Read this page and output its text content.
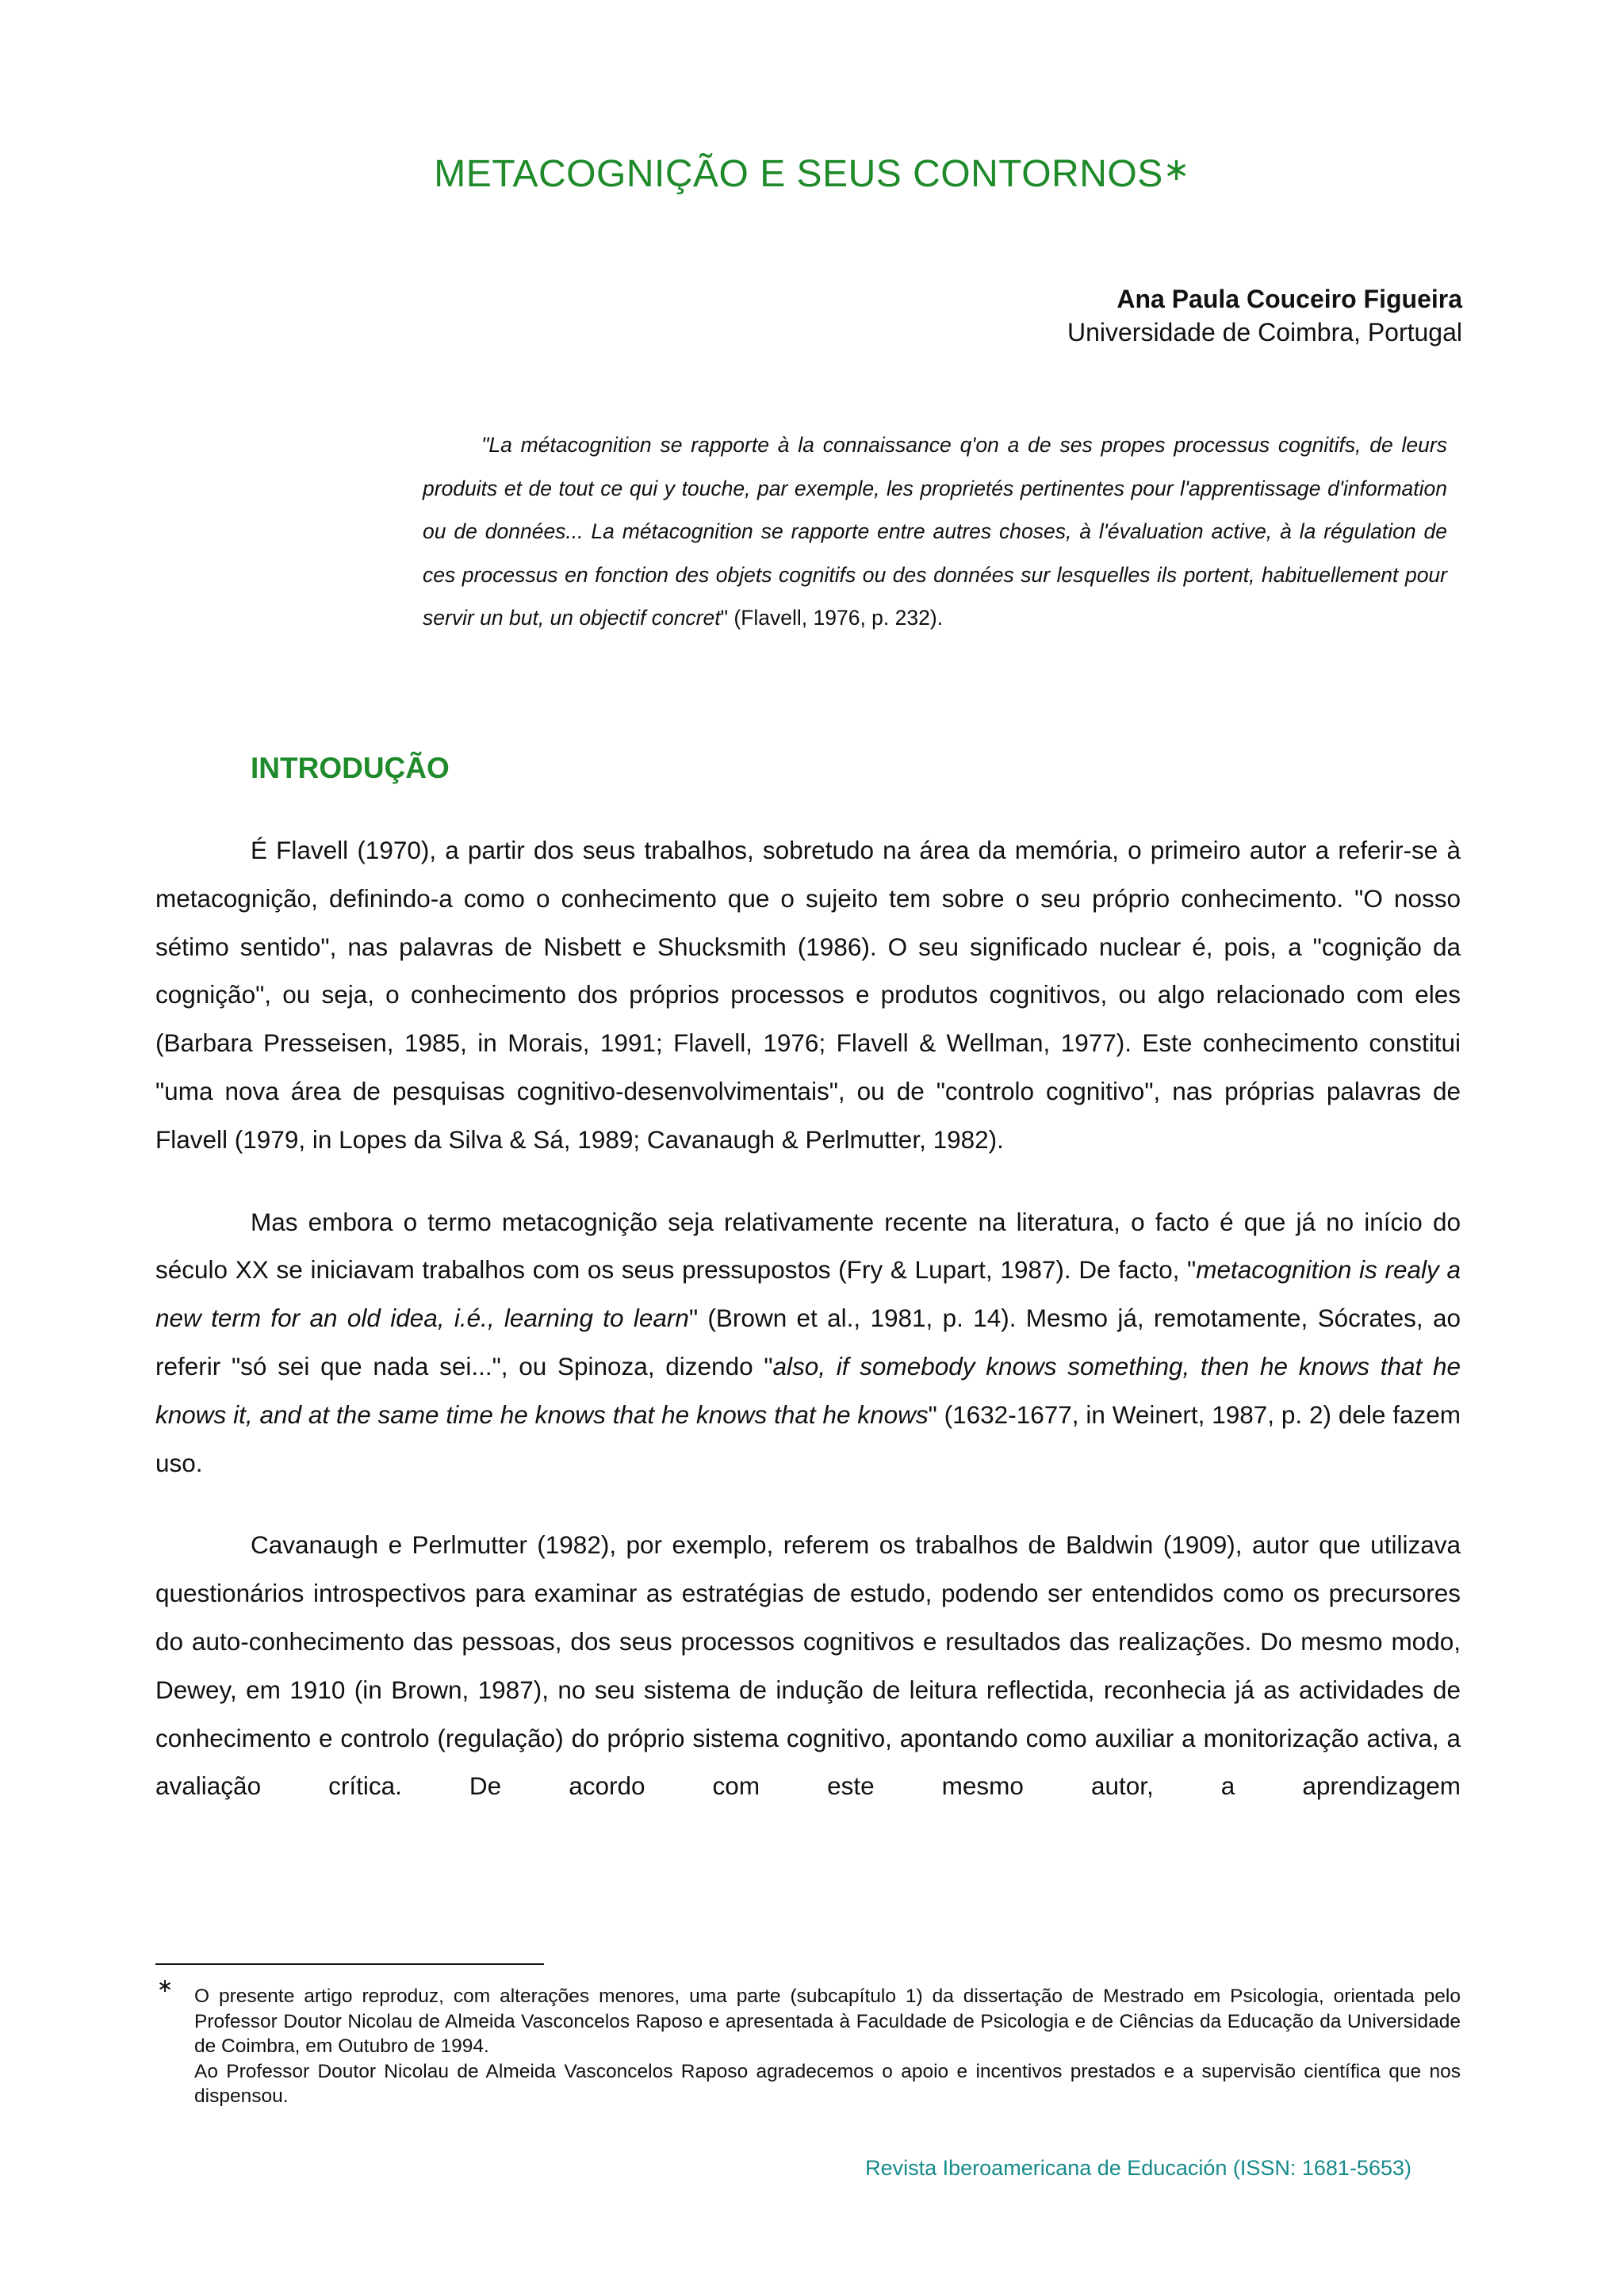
METACOGNIÇÃO E SEUS CONTORNOS∗
Ana Paula Couceiro Figueira
Universidade de Coimbra, Portugal
"La métacognition se rapporte à la connaissance q'on a de ses propes processus cognitifs, de leurs produits et de tout ce qui y touche, par exemple, les proprietés pertinentes pour l'apprentissage d'information ou de données... La métacognition se rapporte entre autres choses, à l'évaluation active, à la régulation de ces processus en fonction des objets cognitifs ou des données sur lesquelles ils portent, habituellement pour servir un but, un objectif concret" (Flavell, 1976, p. 232).
INTRODUÇÃO

É Flavell (1970), a partir dos seus trabalhos, sobretudo na área da memória, o primeiro autor a referir-se à metacognição, definindo-a como o conhecimento que o sujeito tem sobre o seu próprio conhecimento. "O nosso sétimo sentido", nas palavras de Nisbett e Shucksmith (1986). O seu significado nuclear é, pois, a "cognição da cognição", ou seja, o conhecimento dos próprios processos e produtos cognitivos, ou algo relacionado com eles (Barbara Presseisen, 1985, in Morais, 1991; Flavell, 1976; Flavell & Wellman, 1977). Este conhecimento constitui "uma nova área de pesquisas cognitivo-desenvolvimentais", ou de "controlo cognitivo", nas próprias palavras de Flavell (1979, in Lopes da Silva & Sá, 1989; Cavanaugh & Perlmutter, 1982).

Mas embora o termo metacognição seja relativamente recente na literatura, o facto é que já no início do século XX se iniciavam trabalhos com os seus pressupostos (Fry & Lupart, 1987). De facto, "metacognition is realy a new term for an old idea, i.é., learning to learn" (Brown et al., 1981, p. 14). Mesmo já, remotamente, Sócrates, ao referir "só sei que nada sei...", ou Spinoza, dizendo "also, if somebody knows something, then he knows that he knows it, and at the same time he knows that he knows that he knows" (1632-1677, in Weinert, 1987, p. 2) dele fazem uso.

Cavanaugh e Perlmutter (1982), por exemplo, referem os trabalhos de Baldwin (1909), autor que utilizava questionários introspectivos para examinar as estratégias de estudo, podendo ser entendidos como os precursores do auto-conhecimento das pessoas, dos seus processos cognitivos e resultados das realizações. Do mesmo modo, Dewey, em 1910 (in Brown, 1987), no seu sistema de indução de leitura reflectida, reconhecia já as actividades de conhecimento e controlo (regulação) do próprio sistema cognitivo, apontando como auxiliar a monitorização activa, a avaliação crítica. De acordo com este mesmo autor, a aprendizagem

∗ O presente artigo reproduz, com alterações menores, uma parte (subcapítulo 1) da dissertação de Mestrado em Psicologia, orientada pelo Professor Doutor Nicolau de Almeida Vasconcelos Raposo e apresentada à Faculdade de Psicologia e de Ciências da Educação da Universidade de Coimbra, em Outubro de 1994.

Ao Professor Doutor Nicolau de Almeida Vasconcelos Raposo agradecemos o apoio e incentivos prestados e a supervisão científica que nos dispensou.

Revista Iberoamericana de Educación (ISSN: 1681-5653)
